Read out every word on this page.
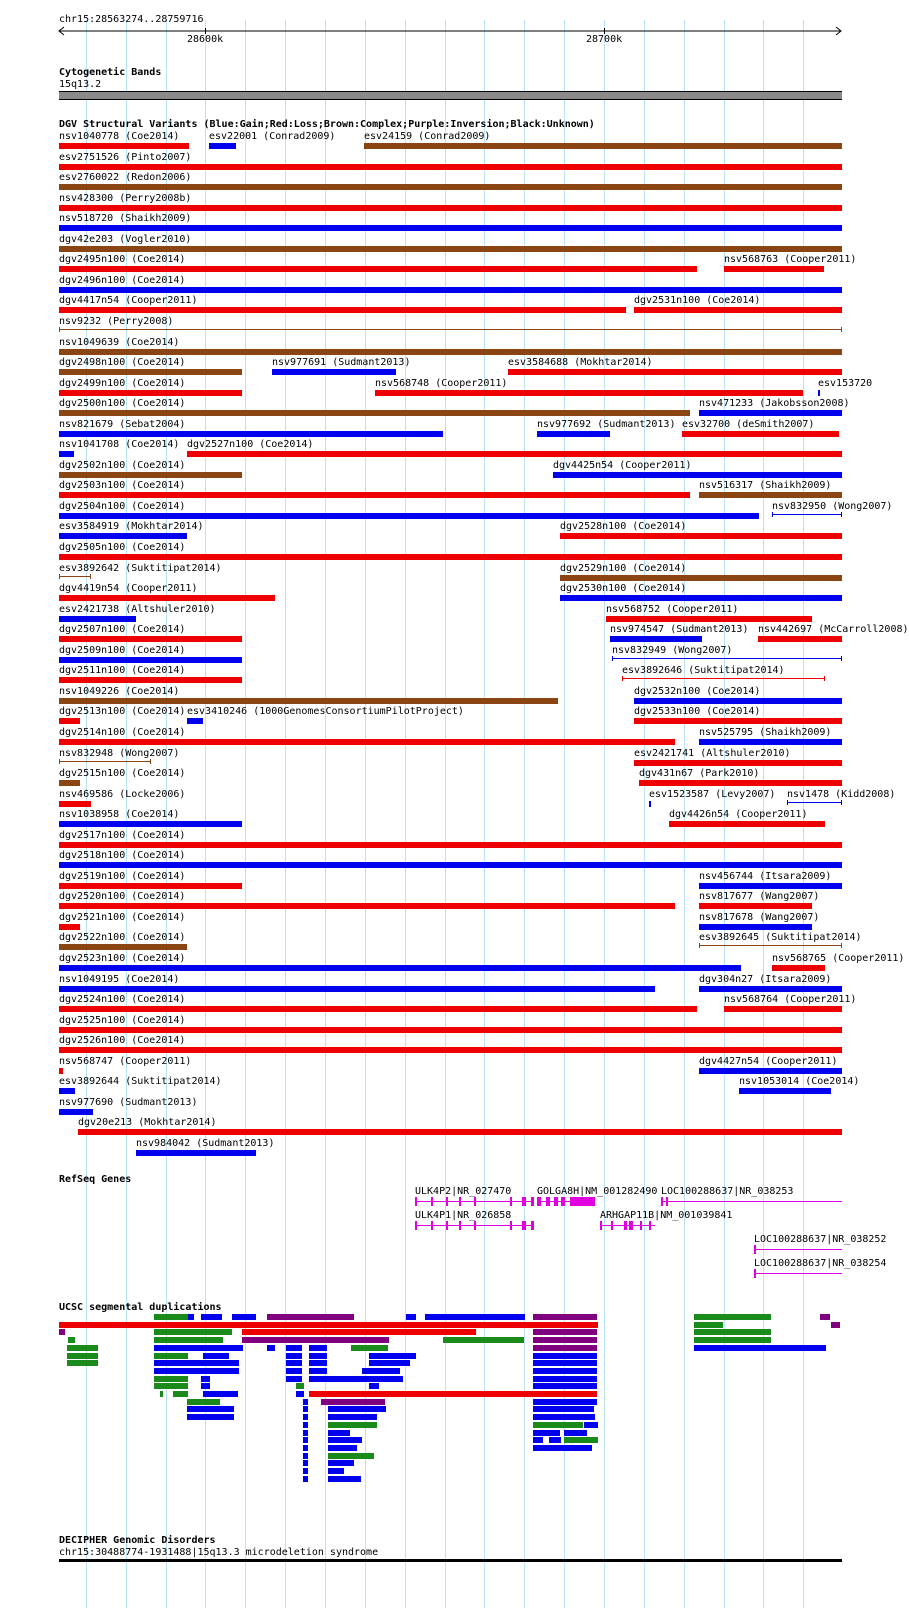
chr15:28563274..28759716
28600k	28700k
Cytogenetic Bands
15q13.2
DGV Structural Variants (Blue:Gain;Red:Loss;Brown:Complex;Purple:Inversion;Black:Unknown)
nsv1040778 (Coe2014)	esv22001 (Conrad2009)	esv24159 (Conrad2009)
esv2751526 (Pinto2007)
esv2760022 (Redon2006)
nsv428300 (Perry2008b)
nsv518720 (Shaikh2009)
dgv42e203 (Vogler2010)
dgv2495n100 (Coe2014)	nsv568763 (Cooper2011)
dgv2496n100 (Coe2014)
dgv4417n54 (Cooper2011)	dgv2531n100 (Coe2014)
nsv9232 (Perry2008)
nsv1049639 (Coe2014)
dgv2498n100 (Coe2014)	nsv977691 (Sudmant2013)	esv3584688 (Mokhtar2014)
dgv2499n100 (Coe2014)	nsv568748 (Cooper2011)	esv153720
dgv2500n100 (Coe2014)	nsv471233 (Jakobsson2008)
nsv821679 (Sebat2004)	nsv977692 (Sudmant2013) esv32700 (deSmith2007)
nsv1041708 (Coe2014) dgv2527n100 (Coe2014)
dgv2502n100 (Coe2014)	dgv4425n54 (Cooper2011)
dgv2503n100 (Coe2014)	nsv516317 (Shaikh2009)
dgv2504n100 (Coe2014)	nsv832950 (Wong2007)
esv3584919 (Mokhtar2014)	dgv2528n100 (Coe2014)
dgv2505n100 (Coe2014)
esv3892642 (Suktitipat2014)	dgv2529n100 (Coe2014)
dgv4419n54 (Cooper2011)	dgv2530n100 (Coe2014)
esv2421738 (Altshuler2010)	nsv568752 (Cooper2011)
dgv2507n100 (Coe2014)	nsv974547 (Sudmant2013) nsv442697 (McCarroll2008)
dgv2509n100 (Coe2014)	nsv832949 (Wong2007)
dgv2511n100 (Coe2014)	esv3892646 (Suktitipat2014)
nsv1049226 (Coe2014)	dgv2532n100 (Coe2014)
dgv2513n100 (Coe2014) esv3410246 (1000GenomesConsortiumPilotProject)	dgv2533n100 (Coe2014)
dgv2514n100 (Coe2014)	nsv525795 (Shaikh2009)
nsv832948 (Wong2007)	esv2421741 (Altshuler2010)
dgv2515n100 (Coe2014)	dgv431n67 (Park2010)
nsv469586 (Locke2006)	esv1523587 (Levy2007) nsv1478 (Kidd2008)
nsv1038958 (Coe2014)	dgv4426n54 (Cooper2011)
dgv2517n100 (Coe2014)
dgv2518n100 (Coe2014)
dgv2519n100 (Coe2014)	nsv456744 (Itsara2009)
dgv2520n100 (Coe2014)	nsv817677 (Wang2007)
dgv2521n100 (Coe2014)	nsv817678 (Wang2007)
dgv2522n100 (Coe2014)	esv3892645 (Suktitipat2014)
dgv2523n100 (Coe2014)	nsv568765 (Cooper2011)
nsv1049195 (Coe2014)	dgv304n27 (Itsara2009)
dgv2524n100 (Coe2014)	nsv568764 (Cooper2011)
dgv2525n100 (Coe2014)
dgv2526n100 (Coe2014)
nsv568747 (Cooper2011)	dgv4427n54 (Cooper2011)
esv3892644 (Suktitipat2014)	nsv1053014 (Coe2014)
nsv977690 (Sudmant2013)
dgv20e213 (Mokhtar2014)
nsv984042 (Sudmant2013)
RefSeq Genes
ULK4P2|NR_027470	GOLGA8H|NM_001282490 LOC100288637|NR_038253
ULK4P1|NR_026858	ARHGAP11B|NM_001039841
LOC100288637|NR_038252
LOC100288637|NR_038254
UCSC segmental duplications
DECIPHER Genomic Disorders
chr15:30488774-1931488|15q13.3 microdeletion syndrome
